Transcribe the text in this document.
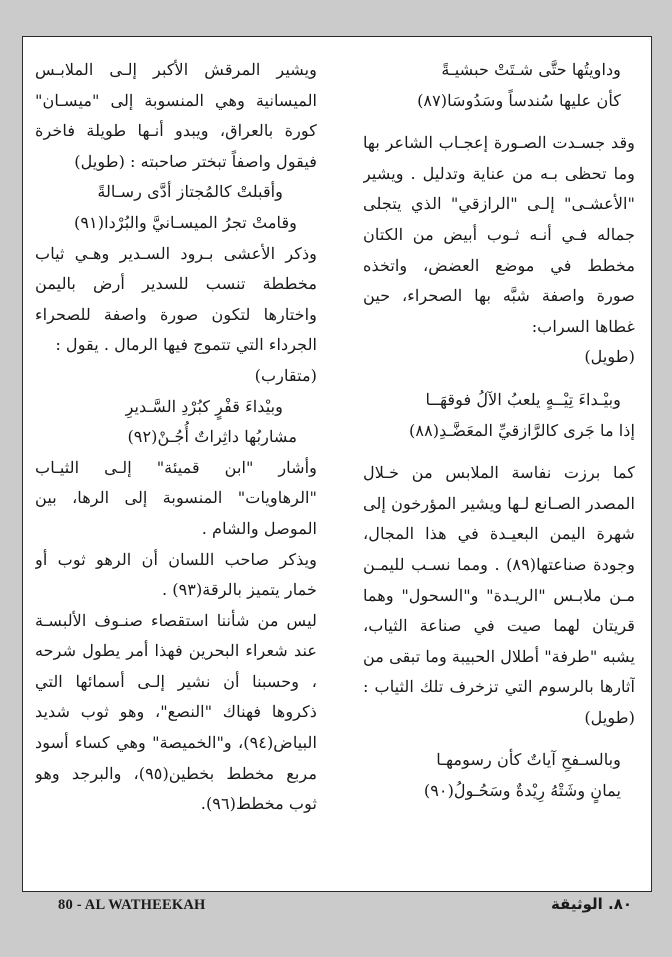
وداويتُها حتَّى شـتَتْ حبشيـةً

كأن عليها سُندساً وسَدُوسَا(٨٧)

وقد جسـدت الصـورة إعجـاب الشاعر بها وما تحظى بـه من عناية وتدليل . ويشير "الأعشـى" إلـى "الرازقي" الذي يتجلى جماله فـي أنـه ثـوب أبيض من الكتان مخطط في موضع العضض، واتخذه صورة واصفة شبَّه بها الصحراء، حين غطاها السراب:

(طويل)

وبيْـداءَ تِيْــهٍ يلعبُ الآلُ فوقهَــا

إذا ما جَرى كالرَّازقيِّ المعَضَّـدِ(٨٨)

كما برزت نفاسة الملابس من خـلال المصدر الصـانع لـها ويشير المؤرخون إلى شهرة اليمن البعيـدة في هذا المجال، وجودة صناعتها(٨٩) . ومما نسـب لليمـن مـن ملابـس "الريـدة" و"السحول" وهما قريتان لهما صيت في صناعة الثياب، يشبه "طرفة" أطلال الحبيبة وما تبقى من آثارها بالرسوم التي تزخرف تلك الثياب : (طويل)

وبالسـفحِ آياتٌ كأن رسومهـا

يمانٍ وشَتْهُ رِيْدةٌ وسَحُـولُ(٩٠)

ويشير المرقش الأكبر إلـى الملابـس الميسانية وهي المنسوبة إلى "ميسـان" كورة بالعراق، ويبدو أنـها طويلة فاخرة فيقول واصفاً تبختر صاحبته : (طويل)

وأقبلتْ كالمُجتاز أدَّى رسـالةً

وقامتْ تجرُ الميسـانيَّ والبُرْدا(٩١)

وذكر الأعشى بـرود السـدير وهـي ثياب مخططة تنسب للسدير أرض باليمن واختارها لتكون صورة واصفة للصحراء الجرداء التي تتموج فيها الرمال . يقول :

(متقارب)

وبيْداءَ قفْرٍ كبُرْدِ السَّـديرِ

مشاربُها داثِراتٌ أُجُـنْ(٩٢)

وأشار "ابن قميئة" إلـى الثيـاب "الرهاويات" المنسوبة إلى الرها، بين الموصل والشام .

ويذكر صاحب اللسان أن الرهو ثوب أو خمار يتميز بالرقة(٩٣) .

ليس من شأننا استقصاء صنـوف الألبسـة عند شعراء البحرين فهذا أمر يطول شرحه ، وحسبنا أن نشير إلـى أسمائها التي ذكروها فهناك "النصع"، وهو ثوب شديد البياض(٩٤)، و"الخميصة" وهي كساء أسود مربع مخطط بخطين(٩٥)، والبرجد وهو ثوب مخطط(٩٦).

80 - AL WATHEEKAH	٨٠. الوثيقة
